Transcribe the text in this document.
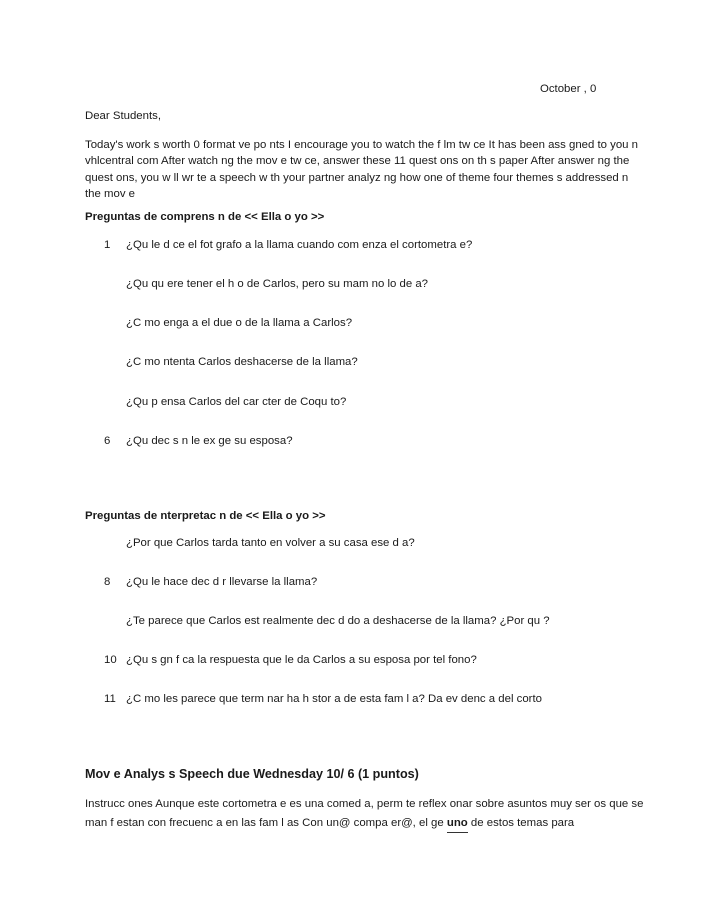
October , 0
Dear Students,
Today's work s worth 0 format ve po nts I encourage you to watch the f lm tw ce It has been ass gned to you n vhlcentral com After watch ng the mov e tw ce, answer these 11 quest ons on th s paper After answer ng the quest ons, you w ll wr te a speech w th your partner analyz ng how one of theme four themes s addressed n the mov e
Preguntas de comprens n de << Ella o yo >>
1 ¿Qu le d ce el fot grafo a la llama cuando com enza el cortometra e?
¿Qu qu ere tener el h o de Carlos, pero su mam no lo de a?
¿C mo enga a el due o de la llama a Carlos?
¿C mo ntenta Carlos deshacerse de la llama?
¿Qu p ensa Carlos del car cter de Coqu to?
6 ¿Qu dec s n le ex ge su esposa?
Preguntas de nterpretac n de << Ella o yo >>
¿Por que Carlos tarda tanto en volver a su casa ese d a?
8 ¿Qu le hace dec d r llevarse la llama?
¿Te parece que Carlos est realmente dec d do a deshacerse de la llama? ¿Por qu ?
10 ¿Qu s gn f ca la respuesta que le da Carlos a su esposa por tel fono?
11 ¿C mo les parece que term nar ha h stor a de esta fam l a? Da ev denc a del corto
Mov e Analys s Speech due Wednesday 10/ 6 (1 puntos)
Instrucc ones Aunque este cortometra e es una comed a, perm te reflex onar sobre asuntos muy ser os que se man f estan con frecuenc a en las fam l as Con un@ compa er@, el ge uno de estos temas para
